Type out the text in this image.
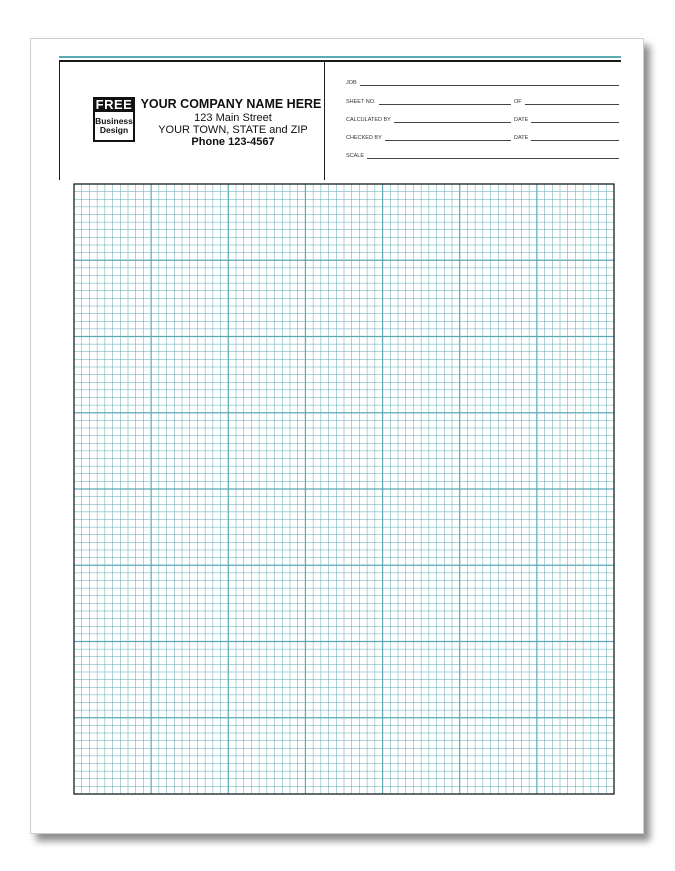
FREE
Business
Design
YOUR COMPANY NAME HERE
123 Main Street
YOUR TOWN, STATE and ZIP
Phone 123-4567
JOB
SHEET NO.	OF
CALCULATED BY	DATE
CHECKED BY	DATE
SCALE
